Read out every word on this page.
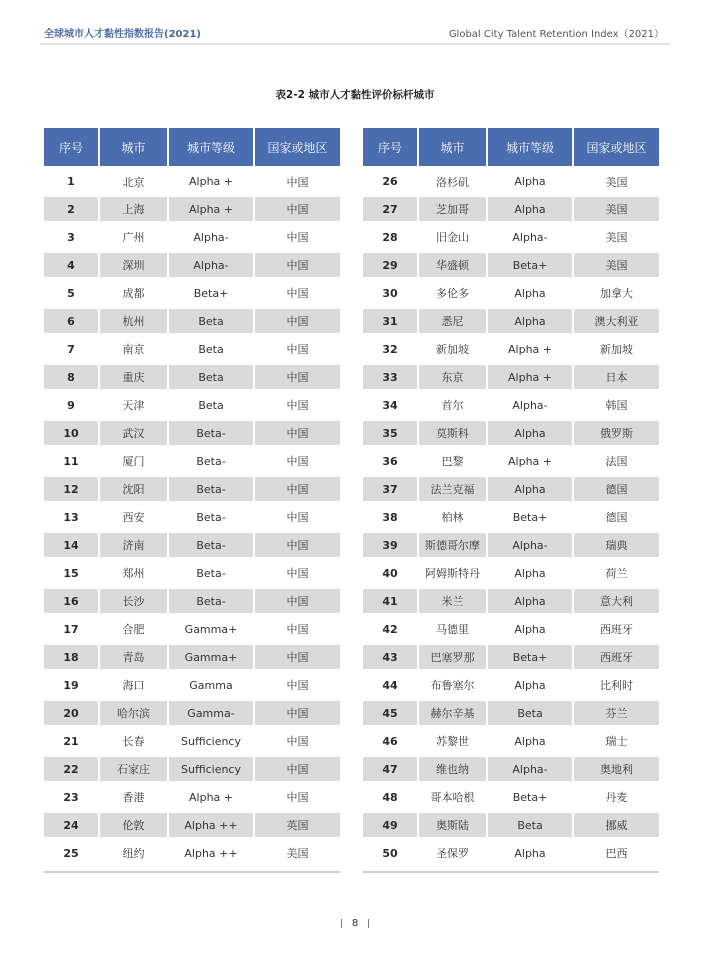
全球城市人才黏性指数报告(2021)	Global City Talent Retention Index（2021）
表2-2 城市人才黏性评价标杆城市
序号	城市	城市等级	国家或地区
1	北京	Alpha +	中国
2	上海	Alpha +	中国
3	广州	Alpha-	中国
4	深圳	Alpha-	中国
5	成都	Beta+	中国
6	杭州	Beta	中国
7	南京	Beta	中国
8	重庆	Beta	中国
9	天津	Beta	中国
10	武汉	Beta-	中国
11	厦门	Beta-	中国
12	沈阳	Beta-	中国
13	西安	Beta-	中国
14	济南	Beta-	中国
15	郑州	Beta-	中国
16	长沙	Beta-	中国
17	合肥	Gamma+	中国
18	青岛	Gamma+	中国
19	海口	Gamma	中国
20	哈尔滨	Gamma-	中国
21	长春	Sufficiency	中国
22	石家庄	Sufficiency	中国
23	香港	Alpha +	中国
24	伦敦	Alpha ++	英国
25	纽约	Alpha ++	美国
序号	城市	城市等级	国家或地区
26	洛杉矶	Alpha	美国
27	芝加哥	Alpha	美国
28	旧金山	Alpha-	美国
29	华盛顿	Beta+	美国
30	多伦多	Alpha	加拿大
31	悉尼	Alpha	澳大利亚
32	新加坡	Alpha +	新加坡
33	东京	Alpha +	日本
34	首尔	Alpha-	韩国
35	莫斯科	Alpha	俄罗斯
36	巴黎	Alpha +	法国
37	法兰克福	Alpha	德国
38	柏林	Beta+	德国
39	斯德哥尔摩	Alpha-	瑞典
40	阿姆斯特丹	Alpha	荷兰
41	米兰	Alpha	意大利
42	马德里	Alpha	西班牙
43	巴塞罗那	Beta+	西班牙
44	布鲁塞尔	Alpha	比利时
45	赫尔辛基	Beta	芬兰
46	苏黎世	Alpha	瑞士
47	维也纳	Alpha-	奥地利
48	哥本哈根	Beta+	丹麦
49	奥斯陆	Beta	挪威
50	圣保罗	Alpha	巴西
8
